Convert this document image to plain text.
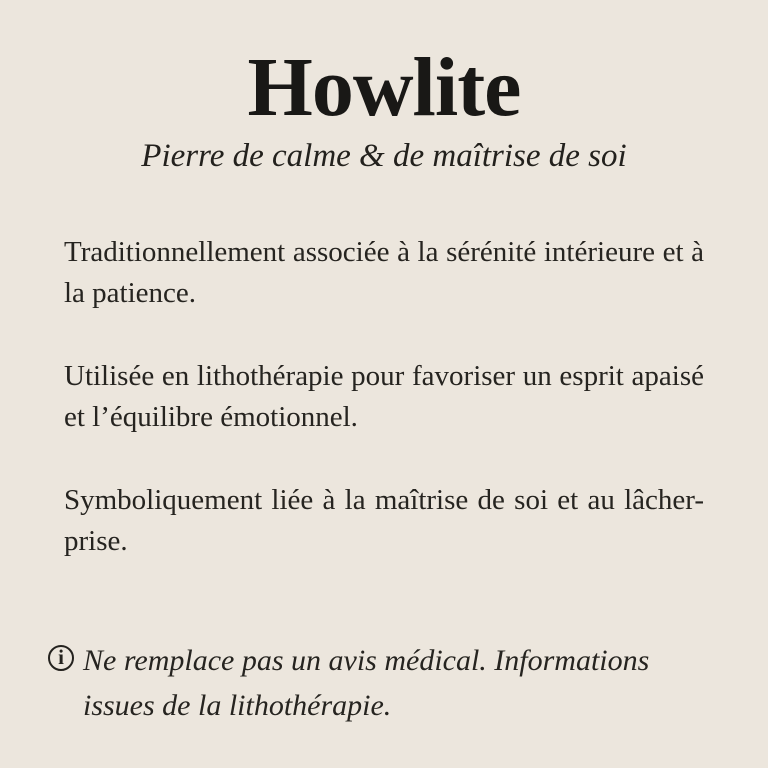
Howlite

Pierre de calme & de maîtrise de soi

Traditionnellement associée à la sérénité intérieure et à la patience.

Utilisée en lithothérapie pour favoriser un esprit apaisé et l’équilibre émotionnel.

Symboliquement liée à la maîtrise de soi et au lâcher-prise.

i Ne remplace pas un avis médical. Informations issues de la lithothérapie.
